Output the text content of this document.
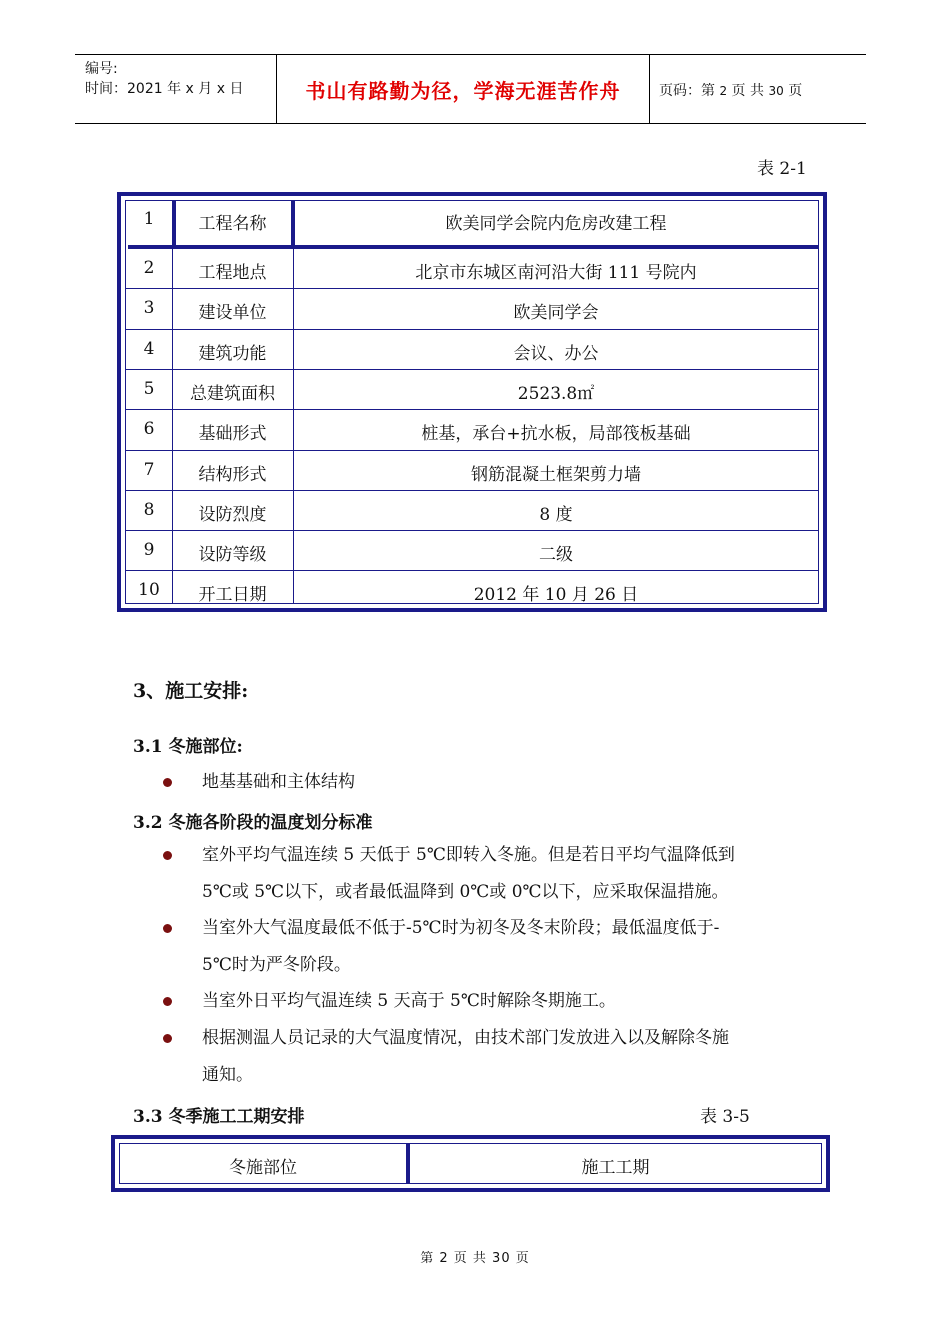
编号:
时间：2021 年 x 月 x 日	书山有路勤为径，学海无涯苦作舟	页码：第 2 页 共 30 页
表 2-1
1	工程名称	欧美同学会院内危房改建工程
2	工程地点	北京市东城区南河沿大街 111 号院内
3	建设单位	欧美同学会
4	建筑功能	会议、办公
5	总建筑面积	2523.8㎡
6	基础形式	桩基，承台+抗水板，局部筏板基础
7	结构形式	钢筋混凝土框架剪力墙
8	设防烈度	8 度
9	设防等级	二级
10	开工日期	2012 年 10 月 26 日
3、施工安排:
3.1 冬施部位:
地基基础和主体结构
3.2 冬施各阶段的温度划分标准
室外平均气温连续 5 天低于 5℃即转入冬施。但是若日平均气温降低到
5℃或 5℃以下，或者最低温降到 0℃或 0℃以下，应采取保温措施。
当室外大气温度最低不低于-5℃时为初冬及冬末阶段；最低温度低于-
5℃时为严冬阶段。
当室外日平均气温连续 5 天高于 5℃时解除冬期施工。
根据测温人员记录的大气温度情况，由技术部门发放进入以及解除冬施
通知。
3.3 冬季施工工期安排	表 3-5
冬施部位	施工工期
第 2 页 共 30 页
